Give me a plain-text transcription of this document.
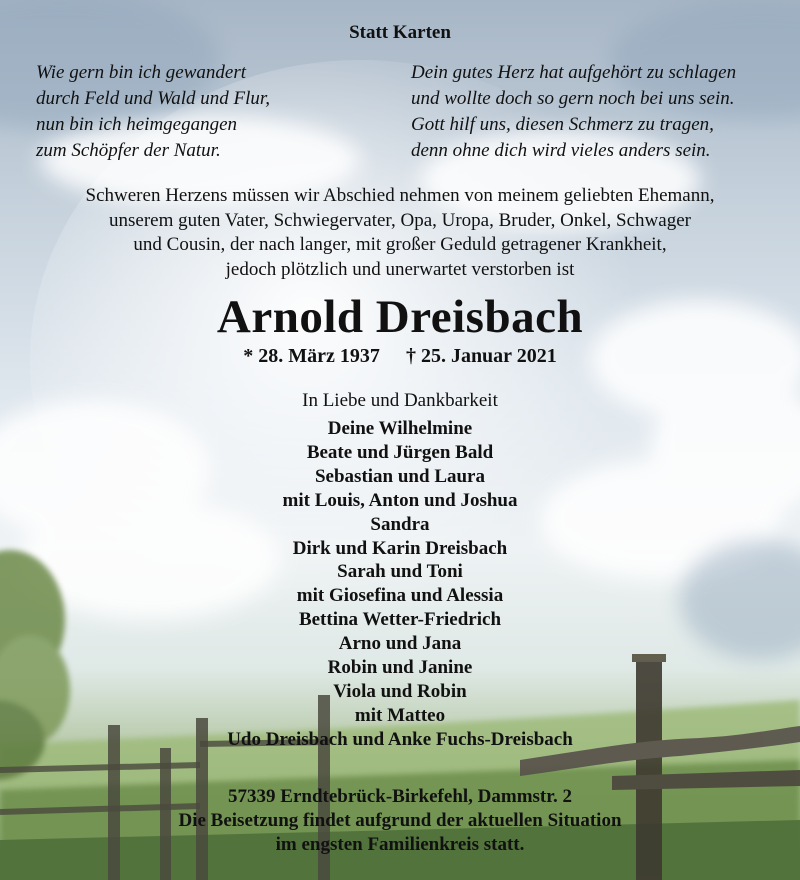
Statt Karten
Wie gern bin ich gewandert
durch Feld und Wald und Flur,
nun bin ich heimgegangen
zum Schöpfer der Natur.
Dein gutes Herz hat aufgehört zu schlagen
und wollte doch so gern noch bei uns sein.
Gott hilf uns, diesen Schmerz zu tragen,
denn ohne dich wird vieles anders sein.
Schweren Herzens müssen wir Abschied nehmen von meinem geliebten Ehemann,
unserem guten Vater, Schwiegervater, Opa, Uropa, Bruder, Onkel, Schwager
und Cousin, der nach langer, mit großer Geduld getragener Krankheit,
jedoch plötzlich und unerwartet verstorben ist
Arnold Dreisbach
* 28. März 1937 † 25. Januar 2021
In Liebe und Dankbarkeit
Deine Wilhelmine
Beate und Jürgen Bald
Sebastian und Laura
mit Louis, Anton und Joshua
Sandra
Dirk und Karin Dreisbach
Sarah und Toni
mit Giosefina und Alessia
Bettina Wetter-Friedrich
Arno und Jana
Robin und Janine
Viola und Robin
mit Matteo
Udo Dreisbach und Anke Fuchs-Dreisbach
57339 Erndtebrück-Birkefehl, Dammstr. 2
Die Beisetzung findet aufgrund der aktuellen Situation
im engsten Familienkreis statt.
